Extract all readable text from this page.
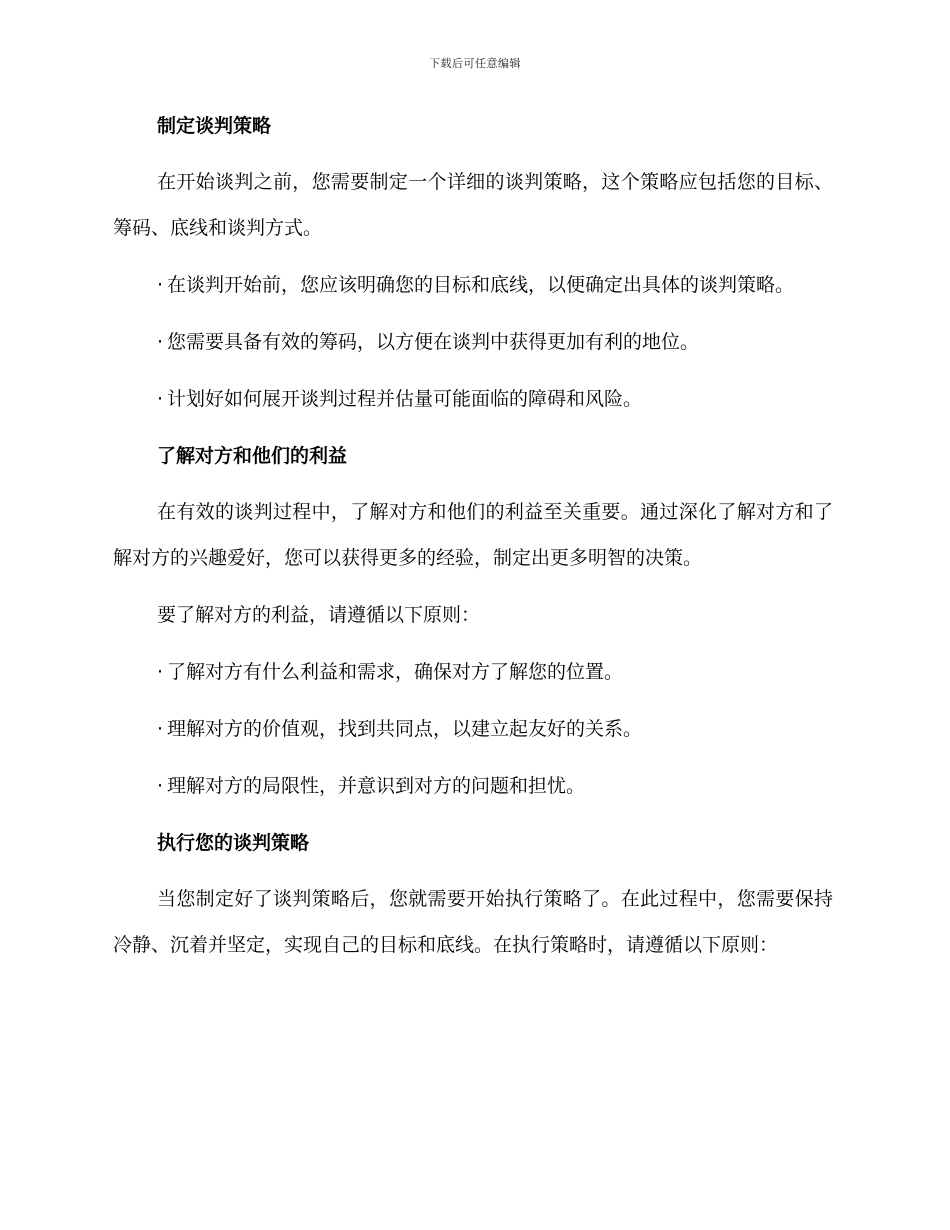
下载后可任意编辑
制定谈判策略
在开始谈判之前，您需要制定一个详细的谈判策略，这个策略应包括您的目标、筹码、底线和谈判方式。
· 在谈判开始前，您应该明确您的目标和底线，以便确定出具体的谈判策略。
· 您需要具备有效的筹码，以方便在谈判中获得更加有利的地位。
· 计划好如何展开谈判过程并估量可能面临的障碍和风险。
了解对方和他们的利益
在有效的谈判过程中，了解对方和他们的利益至关重要。通过深化了解对方和了解对方的兴趣爱好，您可以获得更多的经验，制定出更多明智的决策。
要了解对方的利益，请遵循以下原则：
· 了解对方有什么利益和需求，确保对方了解您的位置。
· 理解对方的价值观，找到共同点，以建立起友好的关系。
· 理解对方的局限性，并意识到对方的问题和担忧。
执行您的谈判策略
当您制定好了谈判策略后，您就需要开始执行策略了。在此过程中，您需要保持冷静、沉着并坚定，实现自己的目标和底线。在执行策略时，请遵循以下原则：
